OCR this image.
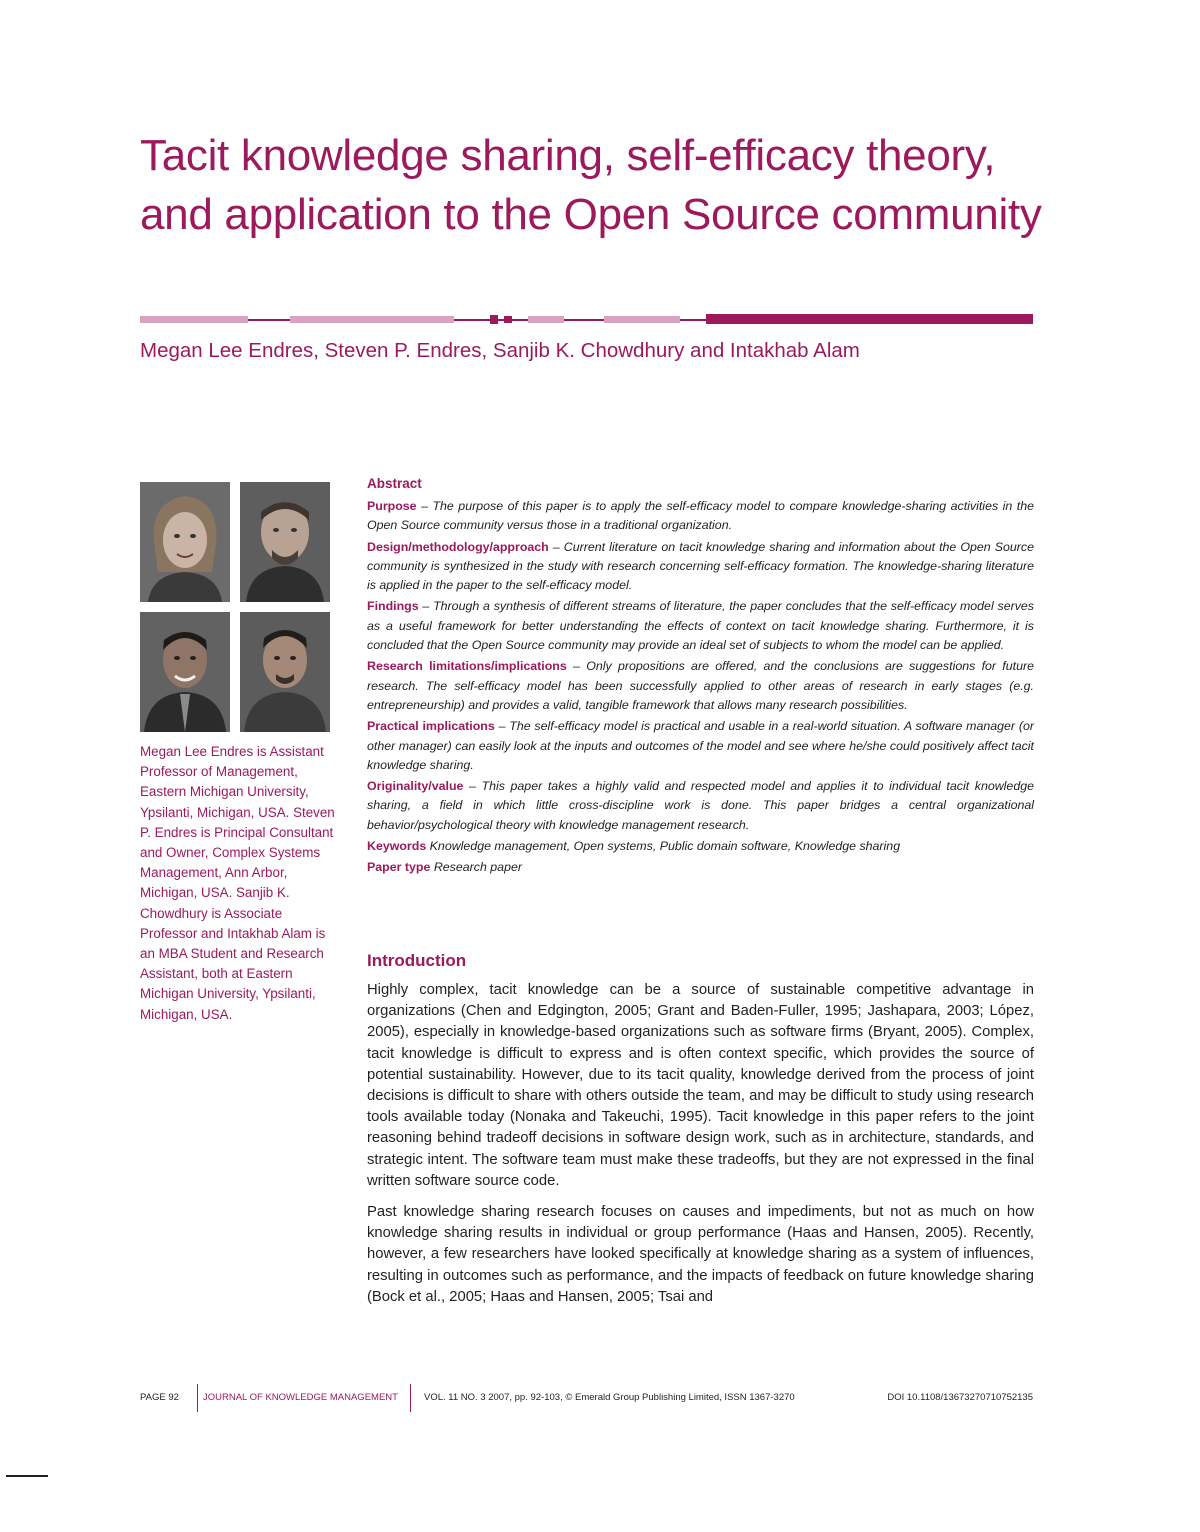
Tacit knowledge sharing, self-efficacy theory, and application to the Open Source community
Megan Lee Endres, Steven P. Endres, Sanjib K. Chowdhury and Intakhab Alam
Megan Lee Endres is Assistant Professor of Management, Eastern Michigan University, Ypsilanti, Michigan, USA. Steven P. Endres is Principal Consultant and Owner, Complex Systems Management, Ann Arbor, Michigan, USA. Sanjib K. Chowdhury is Associate Professor and Intakhab Alam is an MBA Student and Research Assistant, both at Eastern Michigan University, Ypsilanti, Michigan, USA.
Abstract

Purpose – The purpose of this paper is to apply the self-efficacy model to compare knowledge-sharing activities in the Open Source community versus those in a traditional organization.

Design/methodology/approach – Current literature on tacit knowledge sharing and information about the Open Source community is synthesized in the study with research concerning self-efficacy formation. The knowledge-sharing literature is applied in the paper to the self-efficacy model.

Findings – Through a synthesis of different streams of literature, the paper concludes that the self-efficacy model serves as a useful framework for better understanding the effects of context on tacit knowledge sharing. Furthermore, it is concluded that the Open Source community may provide an ideal set of subjects to whom the model can be applied.

Research limitations/implications – Only propositions are offered, and the conclusions are suggestions for future research. The self-efficacy model has been successfully applied to other areas of research in early stages (e.g. entrepreneurship) and provides a valid, tangible framework that allows many research possibilities.

Practical implications – The self-efficacy model is practical and usable in a real-world situation. A software manager (or other manager) can easily look at the inputs and outcomes of the model and see where he/she could positively affect tacit knowledge sharing.

Originality/value – This paper takes a highly valid and respected model and applies it to individual tacit knowledge sharing, a field in which little cross-discipline work is done. This paper bridges a central organizational behavior/psychological theory with knowledge management research.

Keywords Knowledge management, Open systems, Public domain software, Knowledge sharing

Paper type Research paper

Introduction

Highly complex, tacit knowledge can be a source of sustainable competitive advantage in organizations (Chen and Edgington, 2005; Grant and Baden-Fuller, 1995; Jashapara, 2003; López, 2005), especially in knowledge-based organizations such as software firms (Bryant, 2005). Complex, tacit knowledge is difficult to express and is often context specific, which provides the source of potential sustainability. However, due to its tacit quality, knowledge derived from the process of joint decisions is difficult to share with others outside the team, and may be difficult to study using research tools available today (Nonaka and Takeuchi, 1995). Tacit knowledge in this paper refers to the joint reasoning behind tradeoff decisions in software design work, such as in architecture, standards, and strategic intent. The software team must make these tradeoffs, but they are not expressed in the final written software source code.

Past knowledge sharing research focuses on causes and impediments, but not as much on how knowledge sharing results in individual or group performance (Haas and Hansen, 2005). Recently, however, a few researchers have looked specifically at knowledge sharing as a system of influences, resulting in outcomes such as performance, and the impacts of feedback on future knowledge sharing (Bock et al., 2005; Haas and Hansen, 2005; Tsai and

PAGE 92	JOURNAL OF KNOWLEDGE MANAGEMENT	VOL. 11 NO. 3 2007, pp. 92-103, © Emerald Group Publishing Limited, ISSN 1367-3270	DOI 10.1108/13673270710752135
